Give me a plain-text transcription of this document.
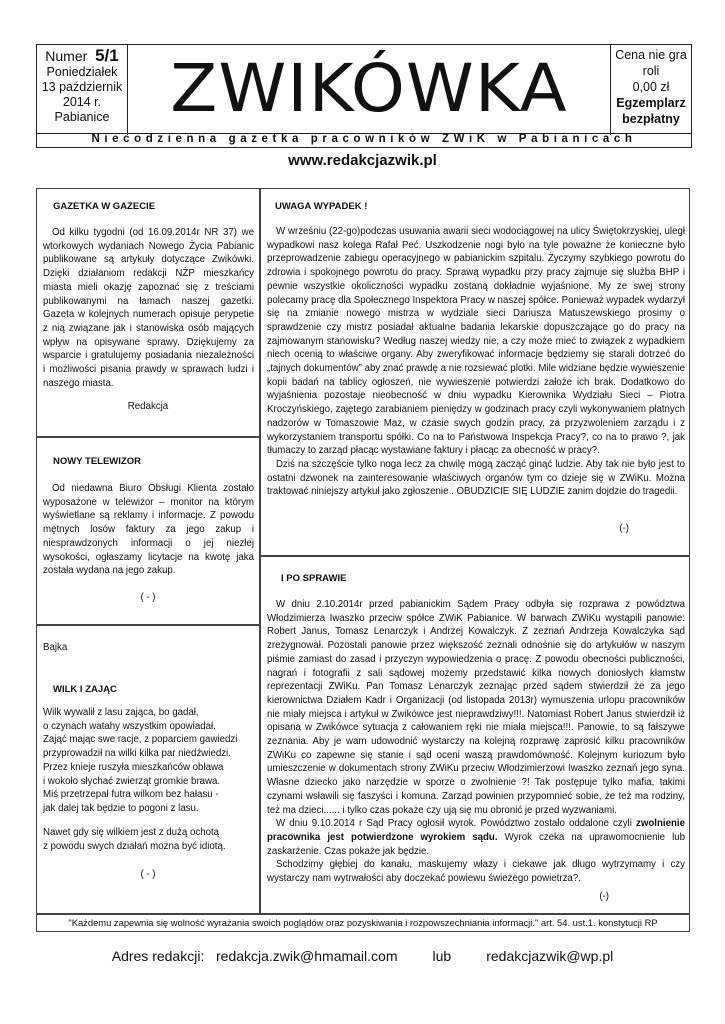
Numer 5/1
Poniedziałek
13 październik
2014 r.
Pabianice ZWIKÓWKA	Cena nie gra
roli
0,00 zł
Egzemplarz
bezpłatny
Niecodzienna gazetka pracowników ZWiK w Pabianicach
www.redakcjazwik.pl
GAZETKA W GAZECIE

Od kilku tygodni (od 16.09.2014r NR 37) we wtorkowych wydaniach Nowego Życia Pabianic publikowane są artykuły dotyczące Zwikówki. Dzięki działaniom redakcji NŻP mieszkańcy miasta mieli okazję zapoznać się z treściami publikowanymi na łamach naszej gazetki. Gazeta w kolejnych numerach opisuje perypetie z nią związane jak i stanowiska osób mających wpływ na opisywane sprawy. Dziękujemy za wsparcie i gratulujemy posiadania niezależności i możliwości pisania prawdy w sprawach ludzi i naszego miasta.

Redakcja
NOWY TELEWIZOR

Od niedawna Biuro Obsługi Klienta zostało wyposażone w telewizor – monitor na którym wyświetlane są reklamy i informacje. Z powodu mętnych losów faktury za jego zakup i niesprawdzonych informacji o jej niezłej wysokości, ogłaszamy licytacje na kwotę jaka została wydana na jego zakup.

( - )
Bajka
WILK I ZAJĄC
Wilk wywalił z lasu zająca, bo gadał,
o czynach watahy wszystkim opowiadał.
Zająć mając swe racje, z poparciem gawiedzi
przyprowadził na wilki kilka par niedźwiedzi.
Przez knieje ruszyła mieszkańców obława
i wokoło słychać zwierząt gromkie brawa.
Miś przetrzepał futra wilkom bez hałasu -
jak dalej tak będzie to pogoni z lasu.
Nawet gdy się wilkiem jest z dużą ochotą
z powodu swych działań można być idiotą.
( - )
UWAGA WYPADEK !

W wrześniu (22-go)podczas usuwania awarii sieci wodociągowej na ulicy Świętokrzyskiej, uległ wypadkowi nasz kolega Rafał Peć. Uszkodzenie nogi było na tyle poważne że konieczne było przeprowadzenie zabiegu operacyjnego w pabianickim szpitalu. Życzymy szybkiego powrotu do zdrowia i spokojnego powrotu do pracy. Sprawą wypadku przy pracy zajmuje się służba BHP i pewnie wszystkie okoliczności wypadku zostaną dokładnie wyjaśnione. My ze swej strony polecamy pracę dla Społecznego Inspektora Pracy w naszej spółce. Ponieważ wypadek wydarzył się na zmianie nowego mistrza w wydziale sieci Dariusza Matuszewskiego prosimy o sprawdzenie czy mistrz posiadał aktualne badania lekarskie dopuszczające go do pracy na zajmowanym stanowisku? Według naszej wiedzy nie, a czy może mieć to związek z wypadkiem niech ocenią to właściwe organy. Aby zweryfikować informacje będziemy się starali dotrzeć do „tajnych dokumentów” aby znać prawdę a nie rozsiewać plotki. Mile widziane będzie wywieszenie kopii badań na tablicy ogłoszeń, nie wywieszenie potwierdzi założe ich brak. Dodatkowo do wyjaśnienia pozostaje nieobecność w dniu wypadku Kierownika Wydziału Sieci – Piotra Kroczyńskiego, zajętego zarabianiem pieniędzy w godzinach pracy czyli wykonywaniem płatnych nadzorów w Tomaszowie Maz, w czasie swych godzin pracy, za przyzwoleniem zarządu i z wykorzystaniem transportu spółki. Co na to Państwowa Inspekcja Pracy?, co na to prawo ?, jak tłumaczy to zarząd płacąc wystawiane faktury i płacąc za obecność w pracy?.

Dziś na szczęście tylko noga lecz za chwilę mogą zacząć ginąć ludzie. Aby tak nie było jest to ostatni dzwonek na zainteresowanie właściwych organów tym co dzieje się w ZWiKu. Można traktować niniejszy artykuł jako zgłoszenie . OBUDZICIE SIĘ LUDZIE zanim dojdzie do tragedii.

(-)
I PO SPRAWIE

W dniu 2.10.2014r przed pabianickim Sądem Pracy odbyła się rozprawa z powództwa Włodzimierza Iwaszko przeciw spółce ZWiK Pabianice. W barwach ZWiKu wystąpili panowie: Robert Janus, Tomasz Lenarczyk i Andrzej Kowalczyk. Z zeznań Andrzeja Kowalczyka sąd zrezygnował. Pozostali panowie przez większość zeznali odnośnie się do artykułów w naszym piśmie zamiast do zasad i przyczyn wypowiedzenia o pracę. Z powodu obecności publiczności, nagrań i fotografii z sali sądowej możemy przedstawić kilka nowych doniosłych kłamstw reprezentacji ZWiKu. Pan Tomasz Lenarczyk zeznając przed sądem stwierdził że za jego kierownictwa Działem Kadr i Organizacji (od listopada 2013r) wymuszenia urlopu pracowników nie miały miejsca i artykuł w Zwikówce jest nieprawdziwy!!!. Natomiast Robert Janus stwierdził iż opisana w Zwikówce sytuacja z całowaniem ręki nie miała miejsca!!!. Panowie, to są fałszywe zeznania. Aby je wam udowodnić wystarczy na kolejną rozprawę zaprosić kilku pracowników ZWiKu co zapewne się stanie i sąd oceni waszą prawdomówność. Kolejnym kuriozum było umieszczenie w dokumentach strony ZWiKu przeciw Włodzimierzowi Iwaszko zeznań jego syna. Własne dziecko jako narzędzie w sporze o zwolnienie ?! Tak postępuje tylko mafia, takimi czynami wsławili się faszyści i komuna. Zarząd powinien przypomnieć sobie, że też ma rodziny, też ma dzieci...... i tylko czas pokaże czy ują się mu obronić je przed wyzwaniami.

W dniu 9.10.2014 r Sąd Pracy ogłosił wyrok. Powództwo zostało oddalone czyli zwolnienie pracownika jest potwierdzone wyrokiem sądu. Wyrok czeka na uprawomocnienie lub zaskarżenie. Czas pokaże jak będzie.

Schodzimy głębiej do kanału, maskujemy włazy i ciekawe jak długo wytrzymamy i czy wystarczy nam wytrwałości aby doczekać powiewu świeżego powietrza?.

(-)
"Każdemu zapewnia się wolność wyrażania swoich poglądów oraz pozyskiwania i rozpowszechniania informacji." art. 54. ust.1. konstytucji RP
Adres redakcji: redakcja.zwik@hmamail.com	lub	redakcjazwik@wp.pl
